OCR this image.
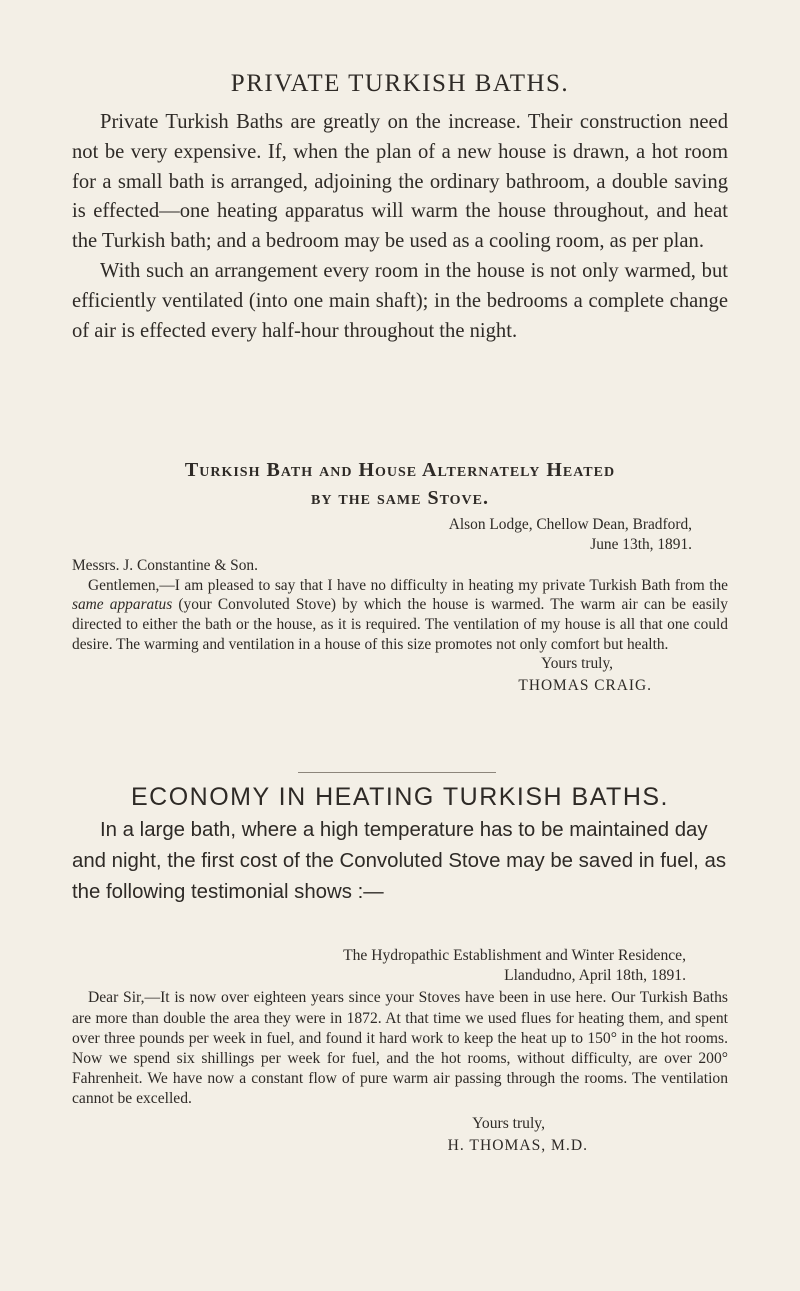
PRIVATE TURKISH BATHS.

Private Turkish Baths are greatly on the increase. Their construction need not be very expensive. If, when the plan of a new house is drawn, a hot room for a small bath is arranged, adjoining the ordinary bathroom, a double saving is effected—one heating apparatus will warm the house throughout, and heat the Turkish bath; and a bedroom may be used as a cooling room, as per plan.

With such an arrangement every room in the house is not only warmed, but efficiently ventilated (into one main shaft); in the bedrooms a complete change of air is effected every half-hour throughout the night.

Turkish Bath and House Alternately Heated
by the same Stove.

Alson Lodge, Chellow Dean, Bradford,
June 13th, 1891.

Messrs. J. Constantine & Son.

Gentlemen,—I am pleased to say that I have no difficulty in heating my private Turkish Bath from the same apparatus (your Convoluted Stove) by which the house is warmed. The warm air can be easily directed to either the bath or the house, as it is required. The ventilation of my house is all that one could desire. The warming and ventilation in a house of this size promotes not only comfort but health.

Yours truly,

THOMAS CRAIG.

ECONOMY IN HEATING TURKISH BATHS.

In a large bath, where a high temperature has to be maintained day and night, the first cost of the Convoluted Stove may be saved in fuel, as the following testimonial shows :—

The Hydropathic Establishment and Winter Residence,
Llandudno, April 18th, 1891.

Dear Sir,—It is now over eighteen years since your Stoves have been in use here. Our Turkish Baths are more than double the area they were in 1872. At that time we used flues for heating them, and spent over three pounds per week in fuel, and found it hard work to keep the heat up to 150° in the hot rooms. Now we spend six shillings per week for fuel, and the hot rooms, without difficulty, are over 200° Fahrenheit. We have now a constant flow of pure warm air passing through the rooms. The ventilation cannot be excelled.

Yours truly,

H. THOMAS, M.D.
